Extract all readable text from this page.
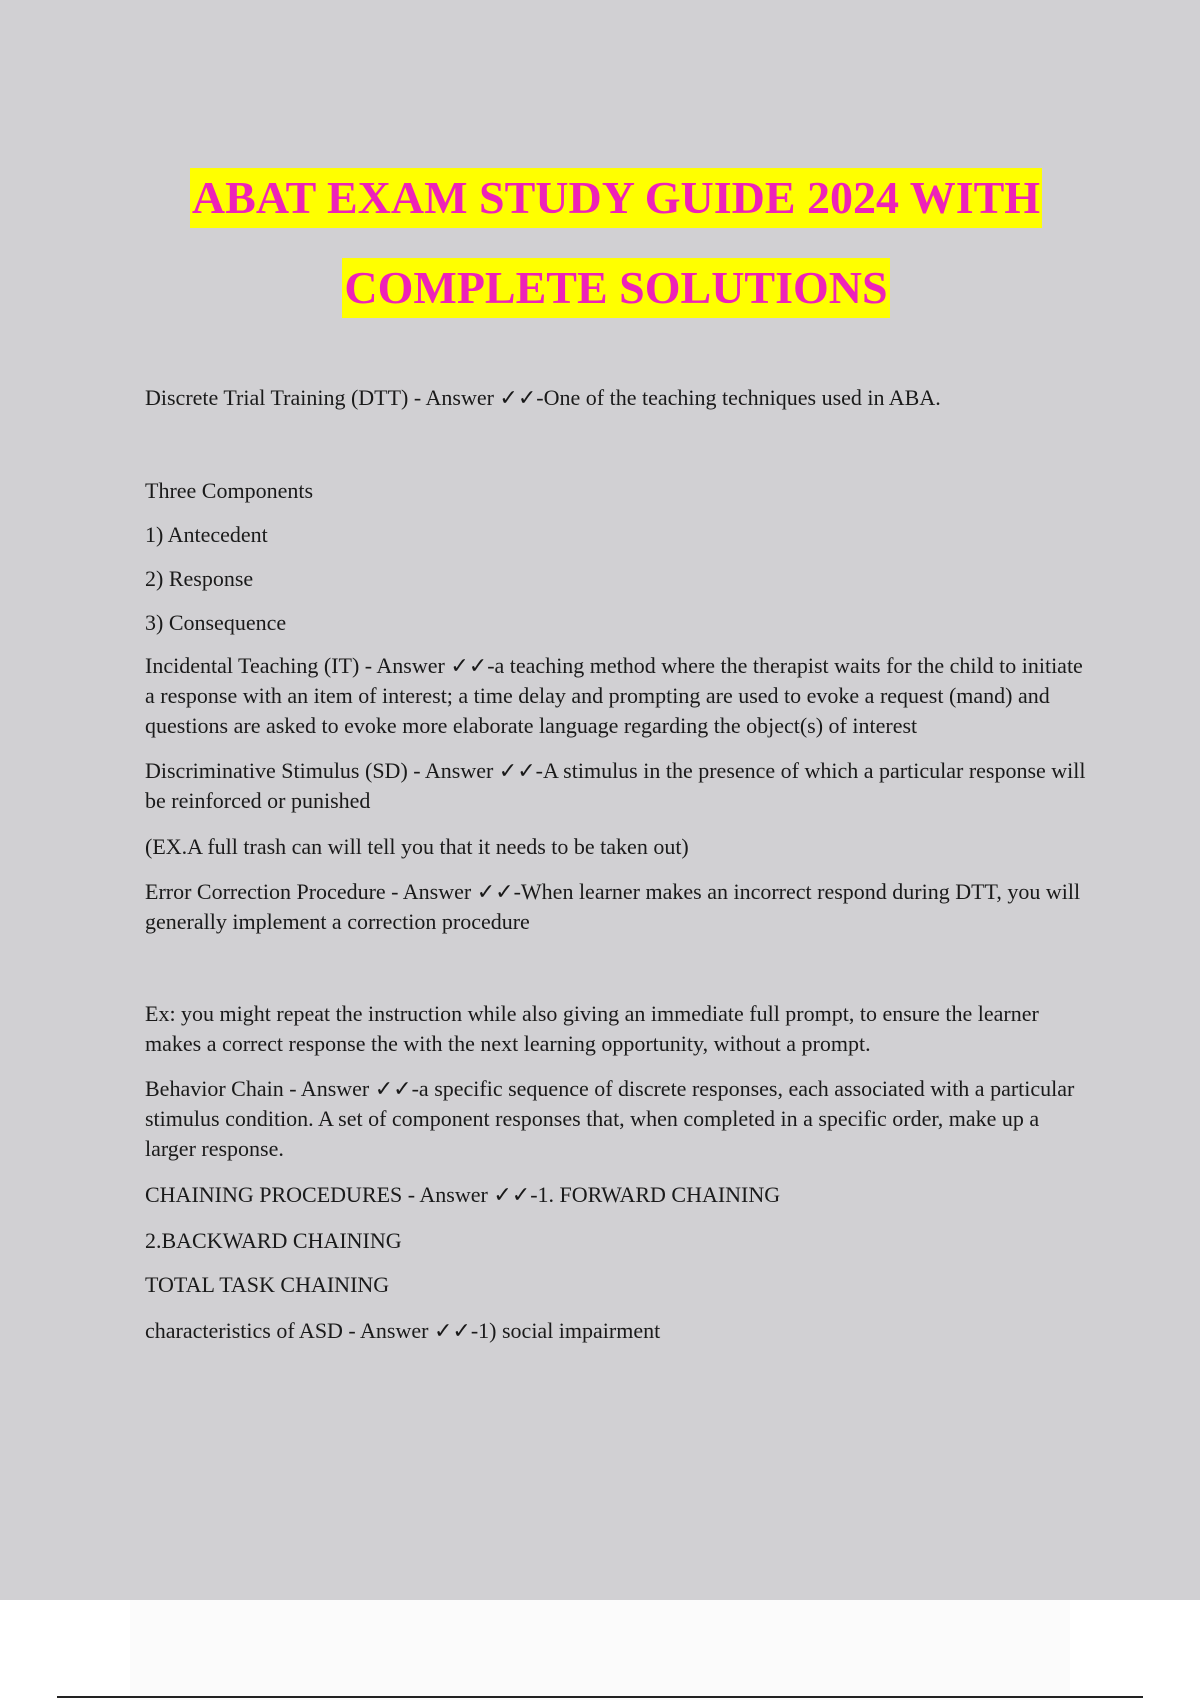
ABAT EXAM STUDY GUIDE 2024 WITH
COMPLETE SOLUTIONS

Discrete Trial Training (DTT) - Answer ✓✓-One of the teaching techniques used in ABA.

Three Components

1) Antecedent

2) Response

3) Consequence

Incidental Teaching (IT) - Answer ✓✓-a teaching method where the therapist waits for the child to initiate a response with an item of interest; a time delay and prompting are used to evoke a request (mand) and questions are asked to evoke more elaborate language regarding the object(s) of interest

Discriminative Stimulus (SD) - Answer ✓✓-A stimulus in the presence of which a particular response will be reinforced or punished

(EX.A full trash can will tell you that it needs to be taken out)

Error Correction Procedure - Answer ✓✓-When learner makes an incorrect respond during DTT, you will generally implement a correction procedure

Ex: you might repeat the instruction while also giving an immediate full prompt, to ensure the learner makes a correct response the with the next learning opportunity, without a prompt.

Behavior Chain - Answer ✓✓-a specific sequence of discrete responses, each associated with a particular stimulus condition. A set of component responses that, when completed in a specific order, make up a larger response.

CHAINING PROCEDURES - Answer ✓✓-1. FORWARD CHAINING

2.BACKWARD CHAINING

TOTAL TASK CHAINING

characteristics of ASD - Answer ✓✓-1) social impairment
